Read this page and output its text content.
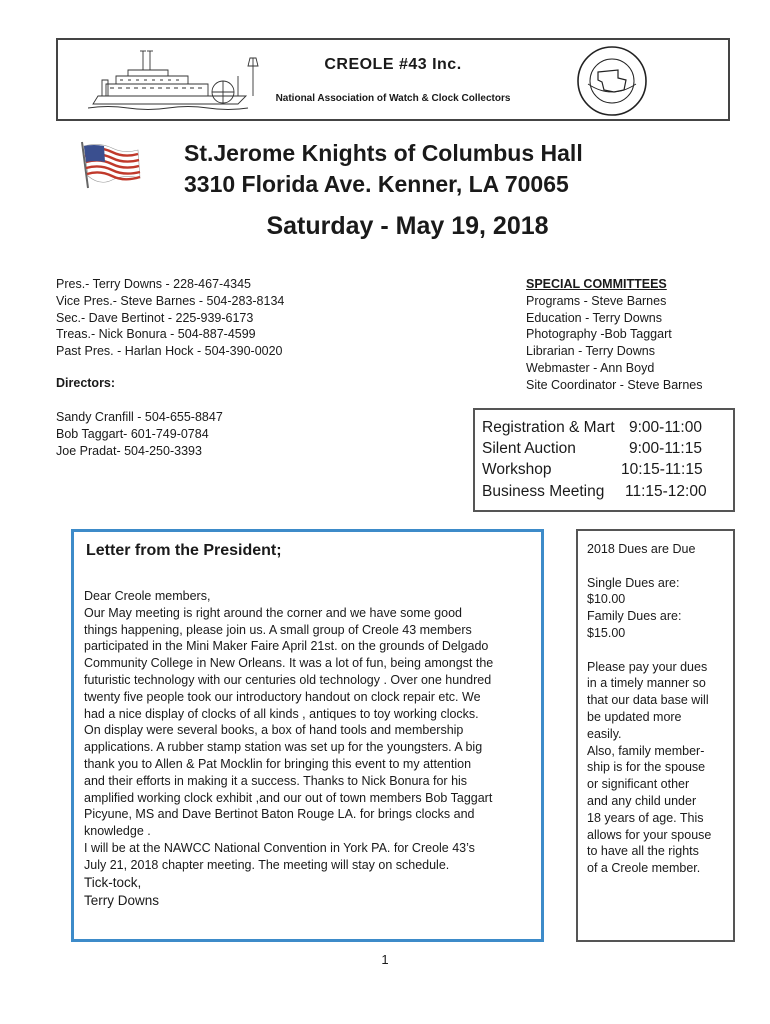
CREOLE #43 Inc.
National Association of Watch & Clock Collectors
St.Jerome Knights of Columbus Hall
3310 Florida Ave. Kenner, LA 70065
Saturday - May 19, 2018
Pres.- Terry Downs - 228-467-4345
Vice Pres.- Steve Barnes - 504-283-8134
Sec.- Dave Bertinot - 225-939-6173
Treas.- Nick Bonura - 504-887-4599
Past Pres. - Harlan Hock - 504-390-0020
Directors:
Sandy Cranfill - 504-655-8847
Bob Taggart- 601-749-0784
Joe Pradat- 504-250-3393
SPECIAL COMMITTEES
Programs - Steve Barnes
Education - Terry Downs
Photography -Bob Taggart
Librarian - Terry Downs
Webmaster - Ann Boyd
Site Coordinator - Steve Barnes
Registration & Mart 9:00-11:00
Silent Auction	9:00-11:15
Workshop	10:15-11:15
Business Meeting 11:15-12:00
Letter from the President;

Dear Creole members,

Our May meeting is right around the corner and we have some good

things happening, please join us. A small group of Creole 43 members

participated in the Mini Maker Faire April 21st. on the grounds of Delgado

Community College in New Orleans. It was a lot of fun, being amongst the

futuristic technology with our centuries old technology . Over one hundred

twenty five people took our introductory handout on clock repair etc. We

had a nice display of clocks of all kinds , antiques to toy working clocks.

On display were several books, a box of hand tools and membership

applications. A rubber stamp station was set up for the youngsters. A big

thank you to Allen & Pat Mocklin for bringing this event to my attention

and their efforts in making it a success. Thanks to Nick Bonura for his

amplified working clock exhibit ,and our out of town members Bob Taggart

Picyune, MS and Dave Bertinot Baton Rouge LA. for brings clocks and

knowledge .

I will be at the NAWCC National Convention in York PA. for Creole 43’s

July 21, 2018 chapter meeting. The meeting will stay on schedule.

Tick-tock,

Terry Downs

2018 Dues are Due

Single Dues are:

$10.00

Family Dues are:

$15.00

Please pay your dues

in a timely manner so

that our data base will

be updated more

easily.

Also, family member-

ship is for the spouse

or significant other

and any child under

18 years of age. This

allows for your spouse

to have all the rights

of a Creole member.

1
